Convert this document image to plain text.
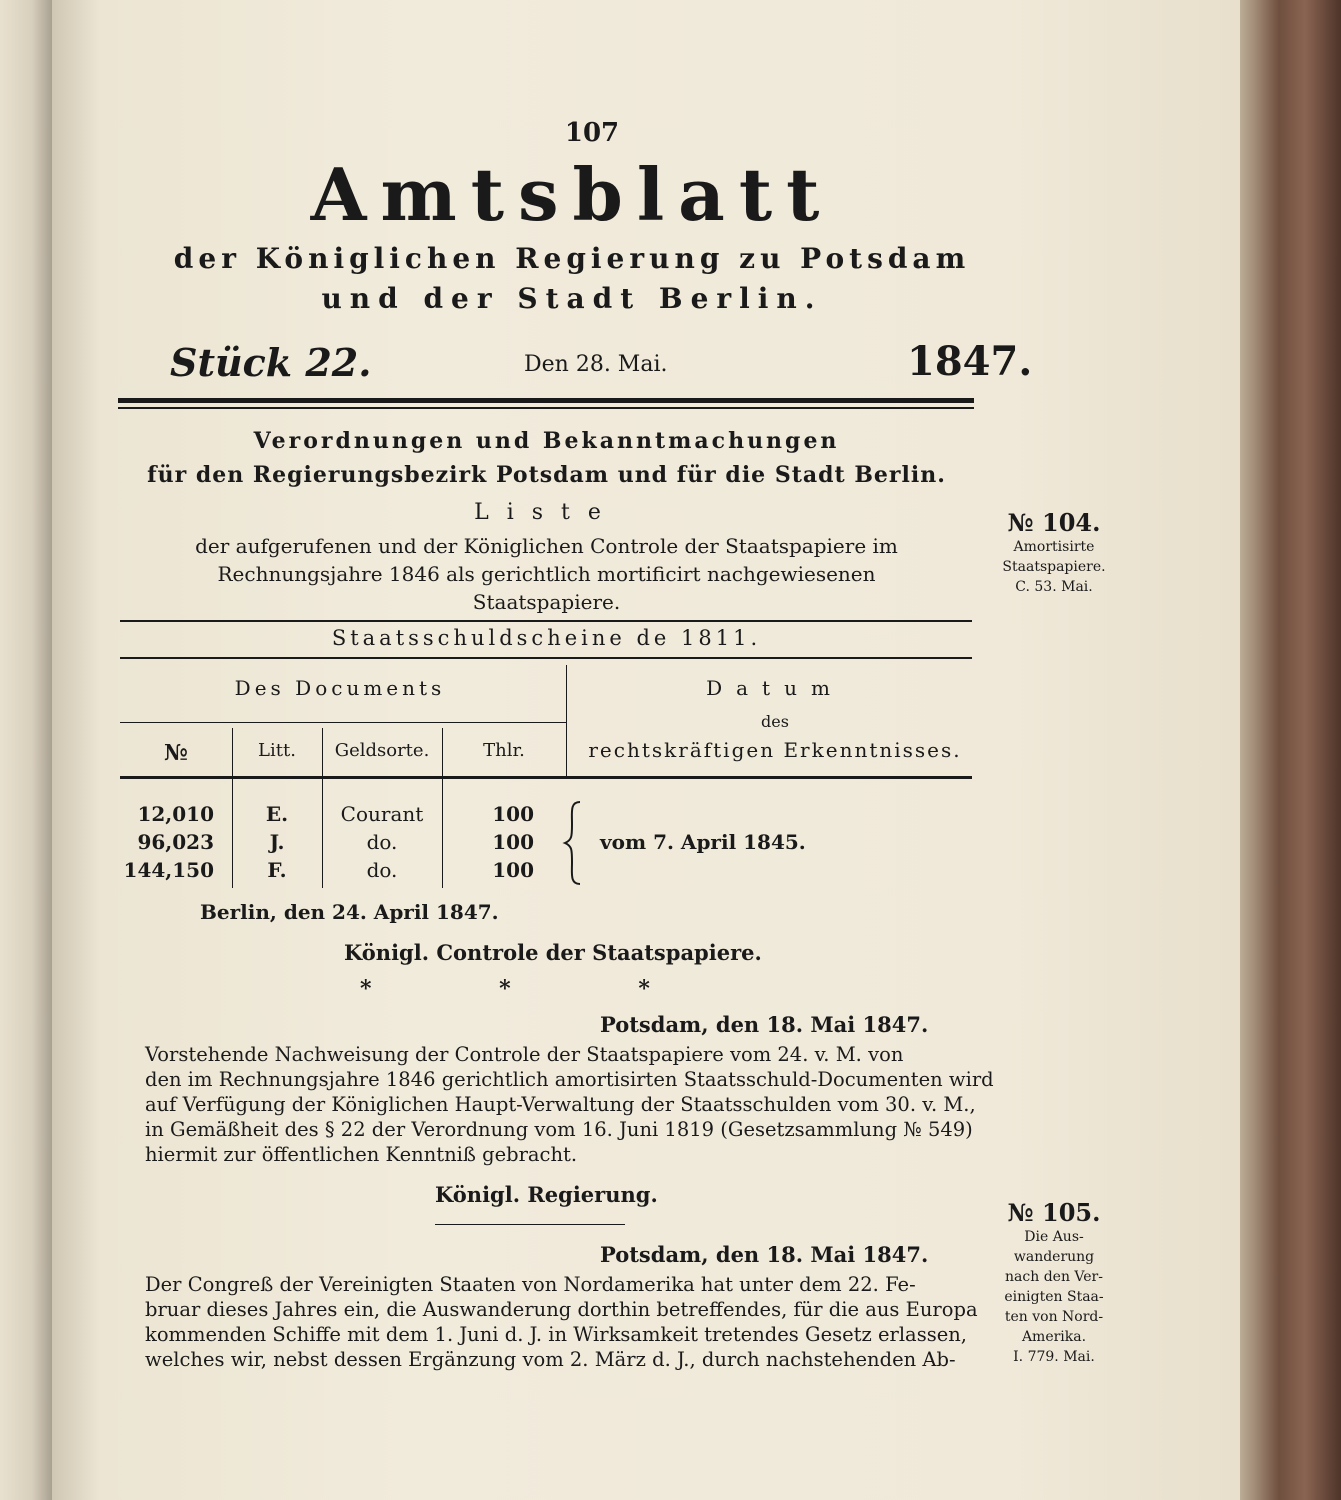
107
Amtsblatt
der Königlichen Regierung zu Potsdam
und der Stadt Berlin.
Stück 22.	Den 28. Mai.	1847.
Verordnungen und Bekanntmachungen
für den Regierungsbezirk Potsdam und für die Stadt Berlin.
Liste
der aufgerufenen und der Königlichen Controle der Staatspapiere im
Rechnungsjahre 1846 als gerichtlich mortificirt nachgewiesenen
Staatspapiere.
Staatsschuldscheine de 1811.
Des Documents	Datum
des
rechtskräftigen Erkenntnisses.
№	Litt.	Geldsorte.	Thlr.
12,010	E.	Courant	100
96,023	J.	do.	100
144,150	F.	do.	100
vom 7. April 1845.
Berlin, den 24. April 1847.
Königl. Controle der Staatspapiere.
* * *
Potsdam, den 18. Mai 1847.
Vorstehende Nachweisung der Controle der Staatspapiere vom 24. v. M. von
den im Rechnungsjahre 1846 gerichtlich amortisirten Staatsschuld-Documenten wird
auf Verfügung der Königlichen Haupt-Verwaltung der Staatsschulden vom 30. v. M.,
in Gemäßheit des § 22 der Verordnung vom 16. Juni 1819 (Gesetzsammlung № 549)
hiermit zur öffentlichen Kenntniß gebracht.
Königl. Regierung.
Potsdam, den 18. Mai 1847.
Der Congreß der Vereinigten Staaten von Nordamerika hat unter dem 22. Fe-
bruar dieses Jahres ein, die Auswanderung dorthin betreffendes, für die aus Europa
kommenden Schiffe mit dem 1. Juni d. J. in Wirksamkeit tretendes Gesetz erlassen,
welches wir, nebst dessen Ergänzung vom 2. März d. J., durch nachstehenden Ab-
№ 104.
Amortisirte
Staatspapiere.
C. 53. Mai.
№ 105.
Die Aus-
wanderung
nach den Ver-
einigten Staa-
ten von Nord-
Amerika.
I. 779. Mai.
